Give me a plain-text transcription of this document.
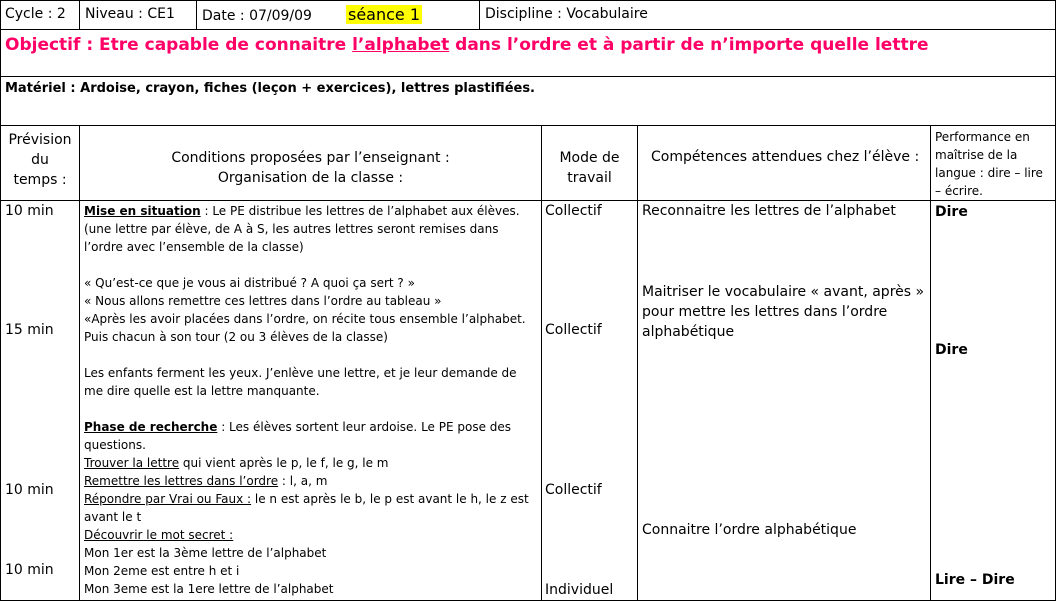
Cycle : 2 Niveau : CE1 Date : 07/09/09 séance 1	Discipline : Vocabulaire
Objectif : Etre capable de connaitre l’alphabet dans l’ordre et à partir de n’importe quelle lettre
Matériel : Ardoise, crayon, fiches (leçon + exercices), lettres plastifiées.
Prévision
du
temps :
Conditions proposées par l’enseignant :
Organisation de la classe :
Mode de
travail
Compétences attendues chez l’élève :
Performance en
maîtrise de la
langue : dire – lire
– écrire.
10 min
15 min
10 min
10 min
Collectif
Collectif
Collectif
Individuel
Reconnaitre les lettres de l’alphabet
Maitriser le vocabulaire « avant, après »
pour mettre les lettres dans l’ordre
alphabétique
Connaitre l’ordre alphabétique
Dire
Dire
Lire – Dire
Mise en situation : Le PE distribue les lettres de l’alphabet aux élèves.
(une lettre par élève, de A à S, les autres lettres seront remises dans
l’ordre avec l’ensemble de la classe)
« Qu’est-ce que je vous ai distribué ? A quoi ça sert ? »
« Nous allons remettre ces lettres dans l’ordre au tableau »
«Après les avoir placées dans l’ordre, on récite tous ensemble l’alphabet.
Puis chacun à son tour (2 ou 3 élèves de la classe)
Les enfants ferment les yeux. J’enlève une lettre, et je leur demande de
me dire quelle est la lettre manquante.
Phase de recherche : Les élèves sortent leur ardoise. Le PE pose des
questions.
Trouver la lettre qui vient après le p, le f, le g, le m
Remettre les lettres dans l’ordre : l, a, m
Répondre par Vrai ou Faux : le n est après le b, le p est avant le h, le z est
avant le t
Découvrir le mot secret :
Mon 1er est la 3ème lettre de l’alphabet
Mon 2eme est entre h et i
Mon 3eme est la 1ere lettre de l’alphabet
